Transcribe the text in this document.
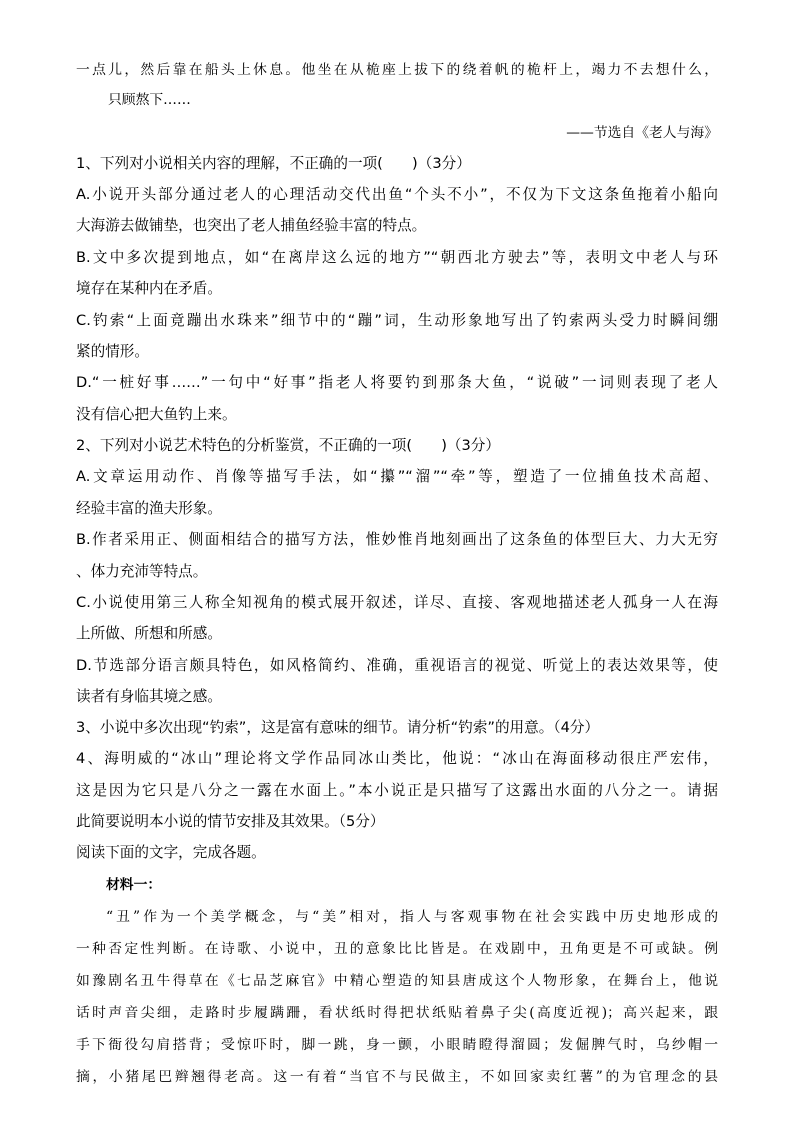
一点儿，然后靠在船头上休息。他坐在从桅座上拔下的绕着帆的桅杆上，竭力不去想什么，
只顾熬下……
——节选自《老人与海》
1、下列对小说相关内容的理解，不正确的一项(　　)（3分）
A.小说开头部分通过老人的心理活动交代出鱼“个头不小”，不仅为下文这条鱼拖着小船向
大海游去做铺垫，也突出了老人捕鱼经验丰富的特点。
B.文中多次提到地点，如“在离岸这么远的地方”“朝西北方驶去”等，表明文中老人与环
境存在某种内在矛盾。
C.钓索“上面竟蹦出水珠来”细节中的“蹦”词，生动形象地写出了钓索两头受力时瞬间绷
紧的情形。
D.“一桩好事……”一句中“好事”指老人将要钓到那条大鱼，“说破”一词则表现了老人
没有信心把大鱼钓上来。
2、下列对小说艺术特色的分析鉴赏，不正确的一项(　　)（3分）
A.文章运用动作、肖像等描写手法，如“攥”“溜”“牵”等，塑造了一位捕鱼技术高超、
经验丰富的渔夫形象。
B.作者采用正、侧面相结合的描写方法，惟妙惟肖地刻画出了这条鱼的体型巨大、力大无穷
、体力充沛等特点。
C.小说使用第三人称全知视角的模式展开叙述，详尽、直接、客观地描述老人孤身一人在海
上所做、所想和所感。
D.节选部分语言颇具特色，如风格简约、准确，重视语言的视觉、听觉上的表达效果等，使
读者有身临其境之感。
3、小说中多次出现“钓索”，这是富有意味的细节。请分析“钓索”的用意。（4分）
4、海明威的“冰山”理论将文学作品同冰山类比，他说：“冰山在海面移动很庄严宏伟，
这是因为它只是八分之一露在水面上。”本小说正是只描写了这露出水面的八分之一。请据
此简要说明本小说的情节安排及其效果。（5分）
阅读下面的文字，完成各题。
材料一：
“丑”作为一个美学概念，与“美”相对，指人与客观事物在社会实践中历史地形成的
一种否定性判断。在诗歌、小说中，丑的意象比比皆是。在戏剧中，丑角更是不可或缺。例
如豫剧名丑牛得草在《七品芝麻官》中精心塑造的知县唐成这个人物形象，在舞台上，他说
话时声音尖细，走路时步履蹒跚，看状纸时得把状纸贴着鼻子尖(高度近视)；高兴起来，跟
手下衙役勾肩搭背；受惊吓时，脚一跳，身一颤，小眼睛瞪得溜圆；发倔脾气时，乌纱帽一
摘，小猪尾巴辫翘得老高。这一有着“当官不与民做主，不如回家卖红薯”的为官理念的县
